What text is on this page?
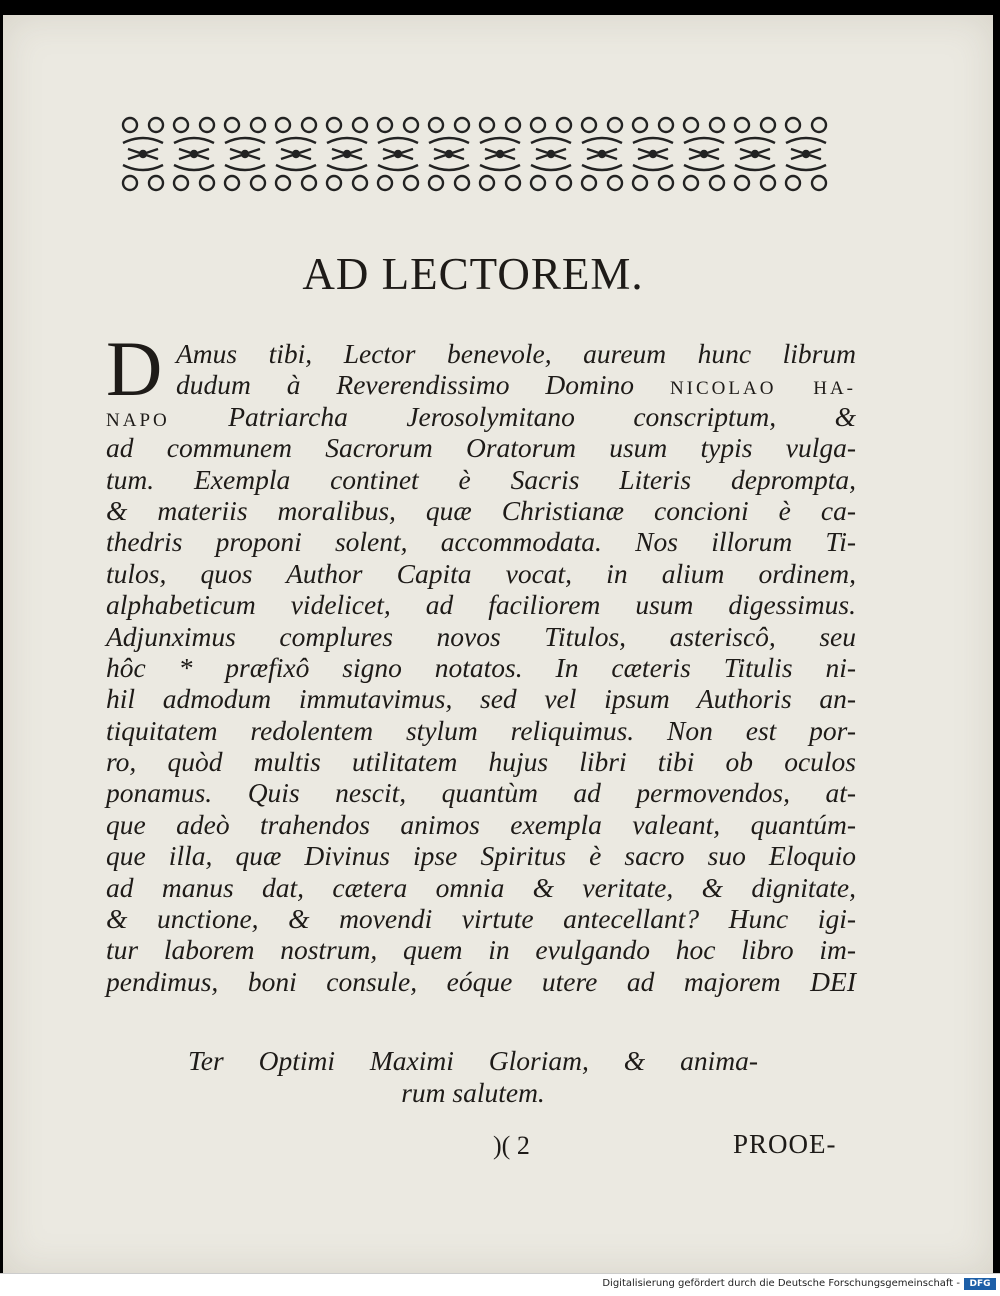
AD LECTOREM.
D Amus tibi, Lector benevole, aureum hunc librum
dudum à Reverendissimo Domino NICOLAO HA-
NAPO Patriarcha Jerosolymitano conscriptum, &
ad communem Sacrorum Oratorum usum typis vulga-
tum. Exempla continet è Sacris Literis deprompta,
& materiis moralibus, quæ Christianæ concioni è ca-
thedris proponi solent, accommodata. Nos illorum Ti-
tulos, quos Author Capita vocat, in alium ordinem,
alphabeticum videlicet, ad faciliorem usum digessimus.
Adjunximus complures novos Titulos, asteriscô, seu
hôc * præfixô signo notatos. In cæteris Titulis ni-
hil admodum immutavimus, sed vel ipsum Authoris an-
tiquitatem redolentem stylum reliquimus. Non est por-
ro, quòd multis utilitatem hujus libri tibi ob oculos
ponamus. Quis nescit, quantùm ad permovendos, at-
que adeò trahendos animos exempla valeant, quantúm-
que illa, quæ Divinus ipse Spiritus è sacro suo Eloquio
ad manus dat, cætera omnia & veritate, & dignitate,
& unctione, & movendi virtute antecellant? Hunc igi-
tur laborem nostrum, quem in evulgando hoc libro im-
pendimus, boni consule, eóque utere ad majorem DEI
Ter Optimi Maximi Gloriam, & anima-
rum salutem.
)( 2	PROOE-
Digitalisierung gefördert durch die Deutsche Forschungsgemeinschaft -	DFG
